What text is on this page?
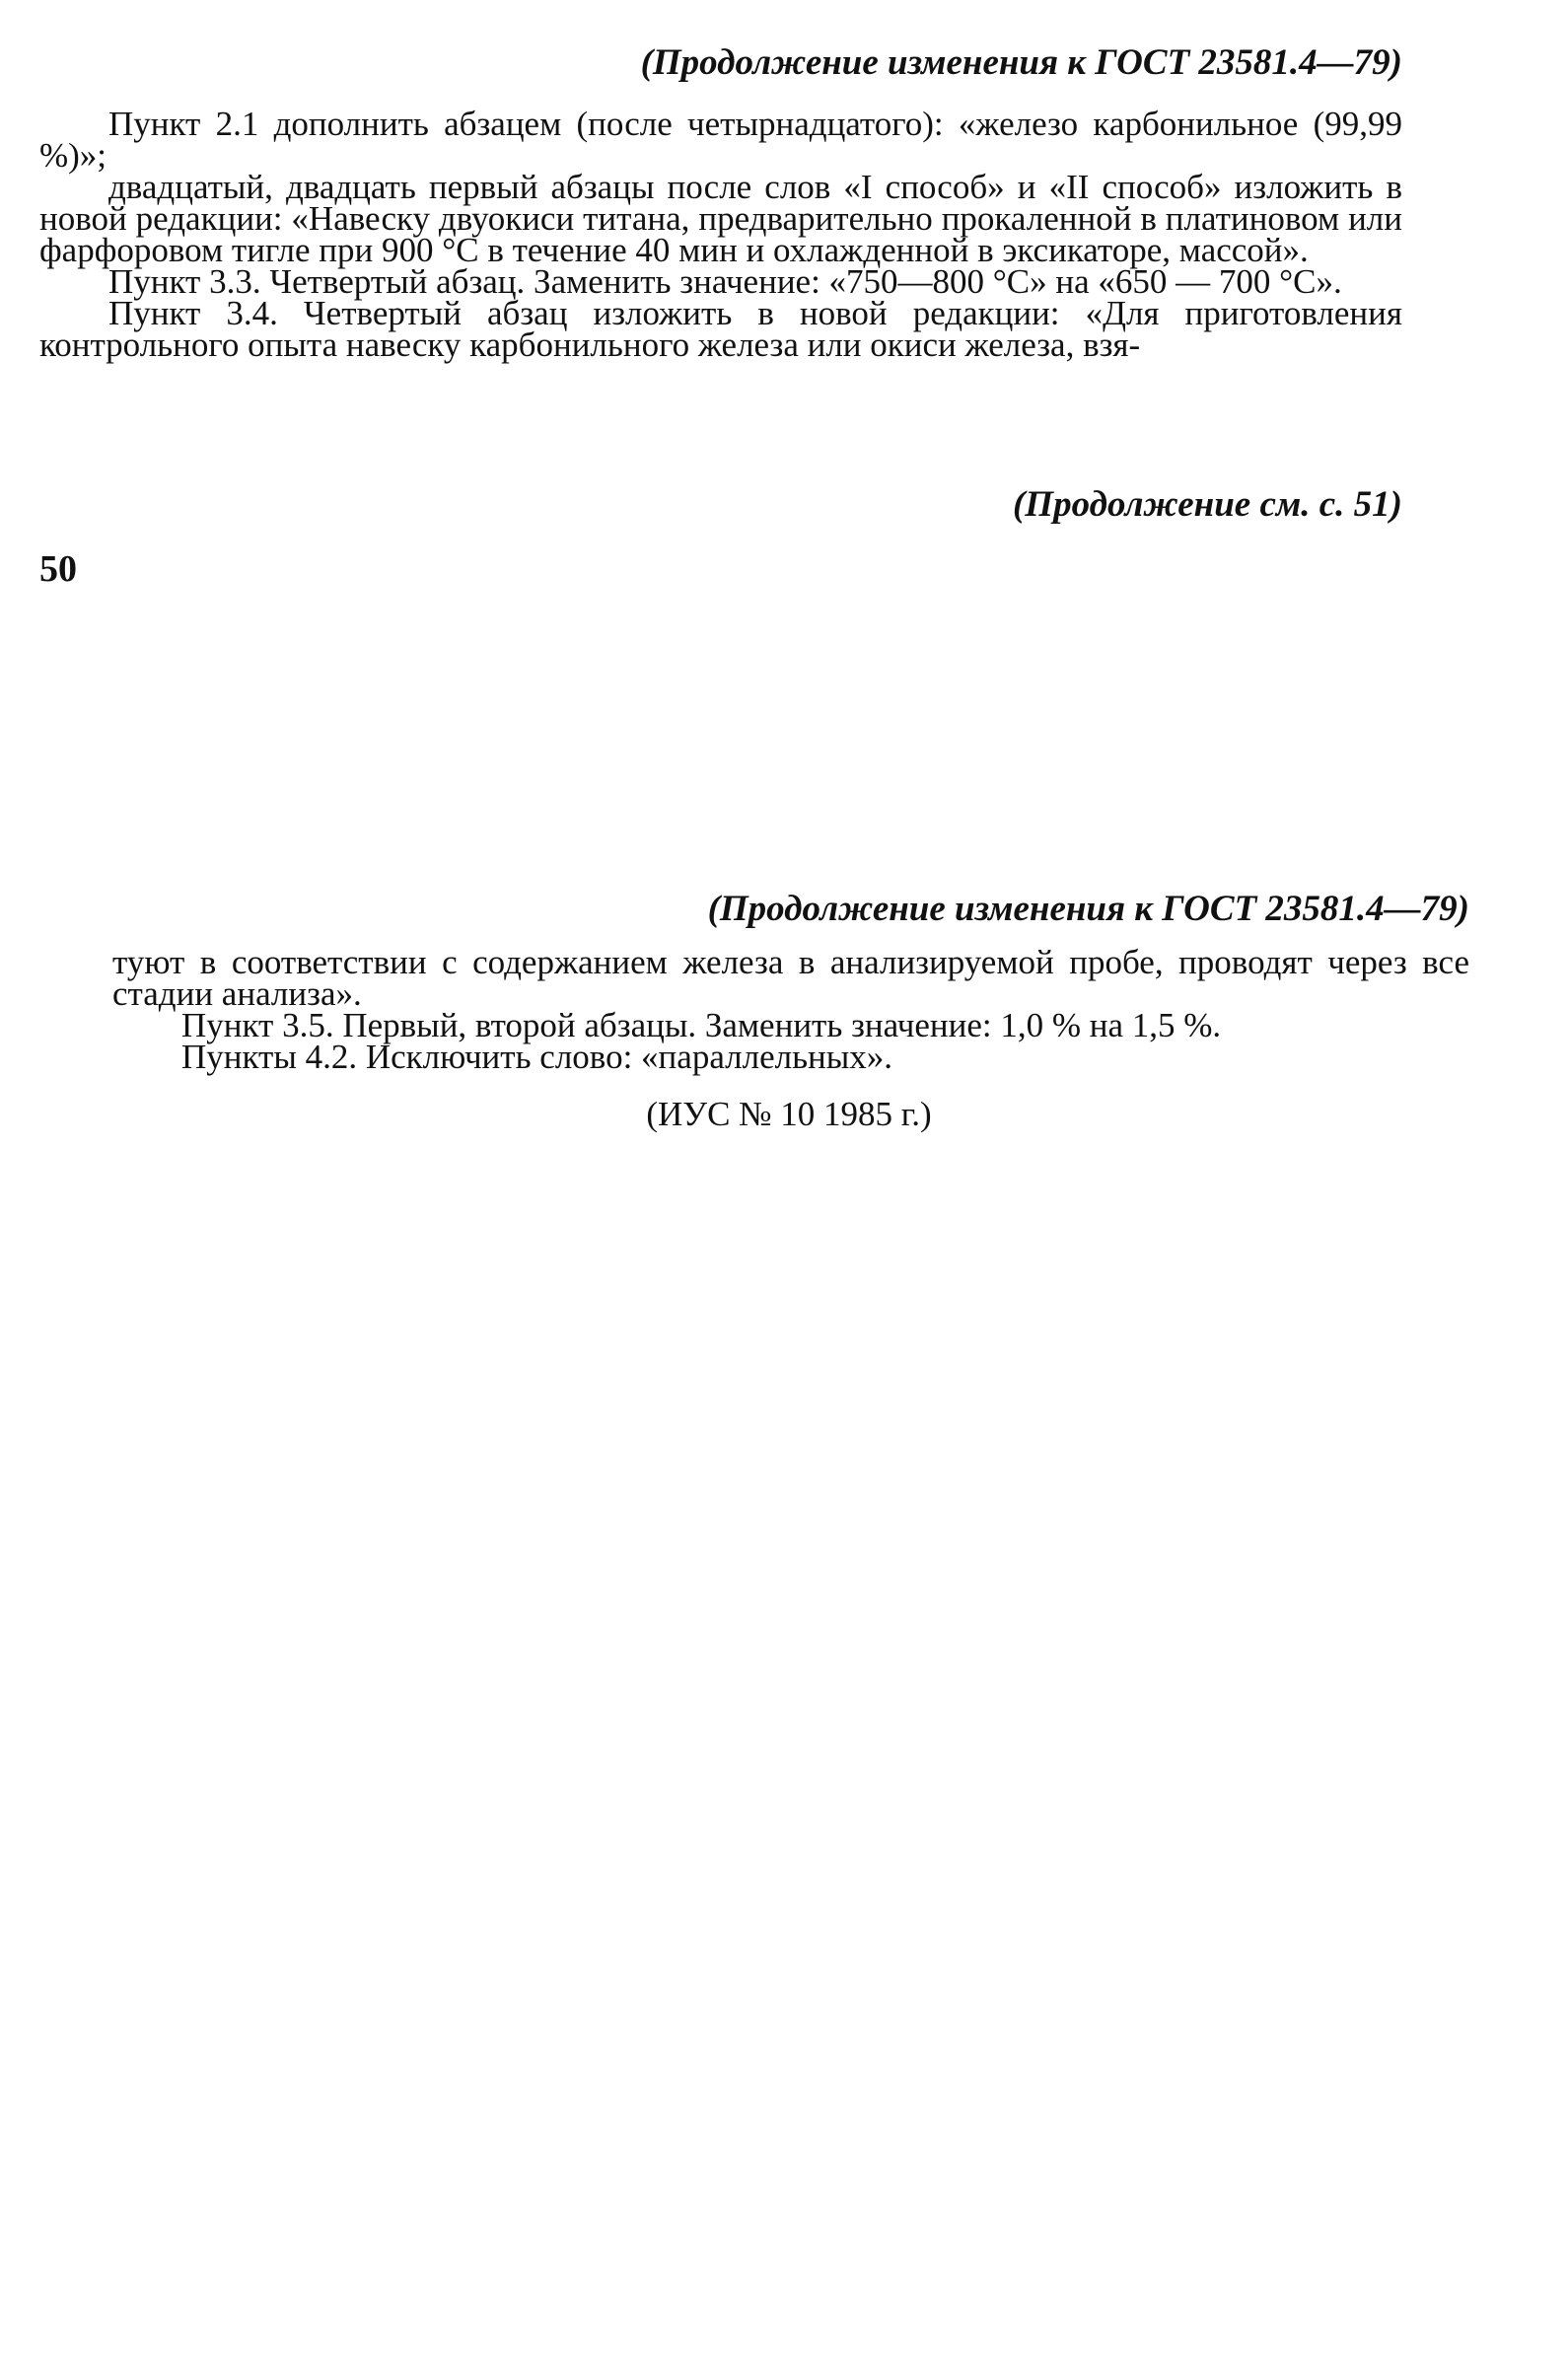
(Продолжение изменения к ГОСТ 23581.4—79)

Пункт 2.1 дополнить абзацем (после четырнадцатого): «железо карбонильное (99,99 %)»;

двадцатый, двадцать первый абзацы после слов «I способ» и «II способ» изложить в новой редакции: «Навеску двуокиси титана, предварительно прокаленной в платиновом или фарфоровом тигле при 900 °С в течение 40 мин и охлажденной в эксикаторе, массой».

Пункт 3.3. Четвертый абзац. Заменить значение: «750—800 °С» на «650 — 700 °С».

Пункт 3.4. Четвертый абзац изложить в новой редакции: «Для приготовления контрольного опыта навеску карбонильного железа или окиси железа, взя-

(Продолжение см. с. 51)
50
(Продолжение изменения к ГОСТ 23581.4—79)

туют в соответствии с содержанием железа в анализируемой пробе, проводят через все стадии анализа».

Пункт 3.5. Первый, второй абзацы. Заменить значение: 1,0 % на 1,5 %.

Пункты 4.2. Исключить слово: «параллельных».

(ИУС № 10 1985 г.)
